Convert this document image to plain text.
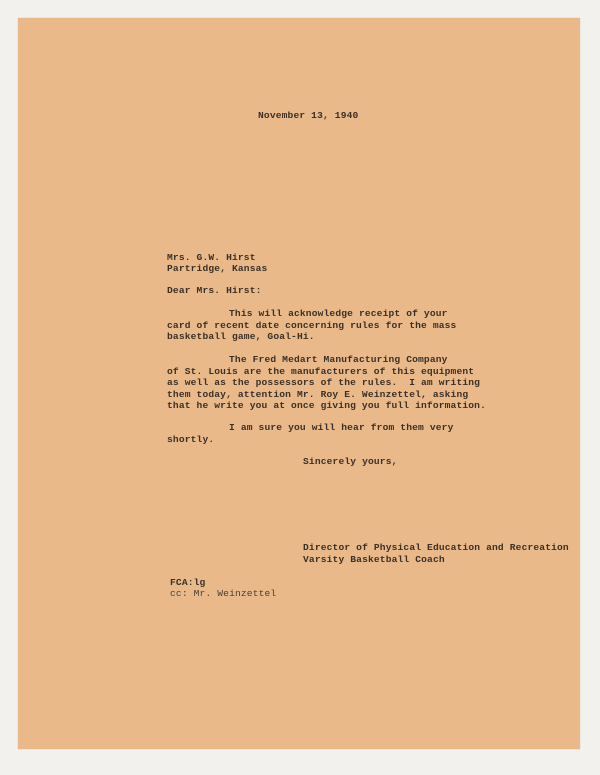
November 13, 1940
Mrs. G.W. Hirst
Partridge, Kansas
Dear Mrs. Hirst:
This will acknowledge receipt of your
card of recent date concerning rules for the mass
basketball game, Goal-Hi.
The Fred Medart Manufacturing Company
of St. Louis are the manufacturers of this equipment
as well as the possessors of the rules.  I am writing
them today, attention Mr. Roy E. Weinzettel, asking
that he write you at once giving you full information.
I am sure you will hear from them very
shortly.
Sincerely yours,
Director of Physical Education and Recreation
Varsity Basketball Coach
FCA:lg
cc: Mr. Weinzettel
